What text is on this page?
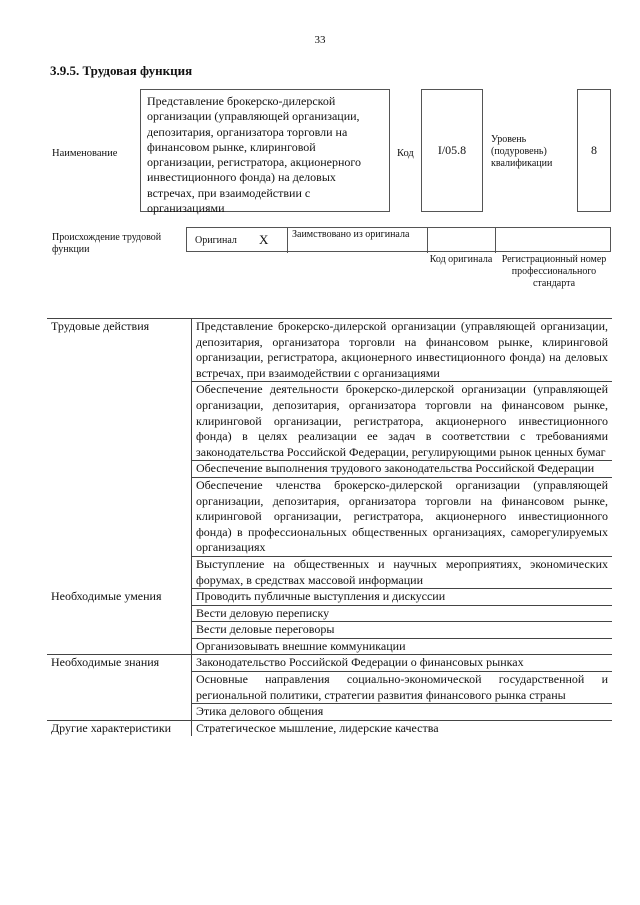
33
3.9.5. Трудовая функция
Наименование
Представление брокерско-дилерской организации (управляющей организации, депозитария, организатора торговли на финансовом рынке, клиринговой организации, регистратора, акционерного инвестиционного фонда) на деловых встречах, при взаимодействии с организациями
Код I/05.8
Уровень (подуровень) квалификации
8
Происхождение трудовой функции
Оригинал X Заимствовано из оригинала
Код оригинала Регистрационный номер профессионального стандарта
Трудовые действия	Представление брокерско-дилерской организации (управляющей организации, депозитария, организатора торговли на финансовом рынке, клиринговой организации, регистратора, акционерного инвестиционного фонда) на деловых встречах, при взаимодействии с организациями
	Обеспечение деятельности брокерско-дилерской организации (управляющей организации, депозитария, организатора торговли на финансовом рынке, клиринговой организации, регистратора, акционерного инвестиционного фонда) в целях реализации ее задач в соответствии с требованиями законодательства Российской Федерации, регулирующими рынок ценных бумаг
	Обеспечение выполнения трудового законодательства Российской Федерации
	Обеспечение членства брокерско-дилерской организации (управляющей организации, депозитария, организатора торговли на финансовом рынке, клиринговой организации, регистратора, акционерного инвестиционного фонда) в профессиональных общественных организациях, саморегулируемых организациях
	Выступление на общественных и научных мероприятиях, экономических форумах, в средствах массовой информации
Необходимые умения	Проводить публичные выступления и дискуссии
	Вести деловую переписку
	Вести деловые переговоры
	Организовывать внешние коммуникации
Необходимые знания	Законодательство Российской Федерации о финансовых рынках
	Основные направления социально-экономической государственной и региональной политики, стратегии развития финансового рынка страны
	Этика делового общения
Другие характеристики	Стратегическое мышление, лидерские качества
